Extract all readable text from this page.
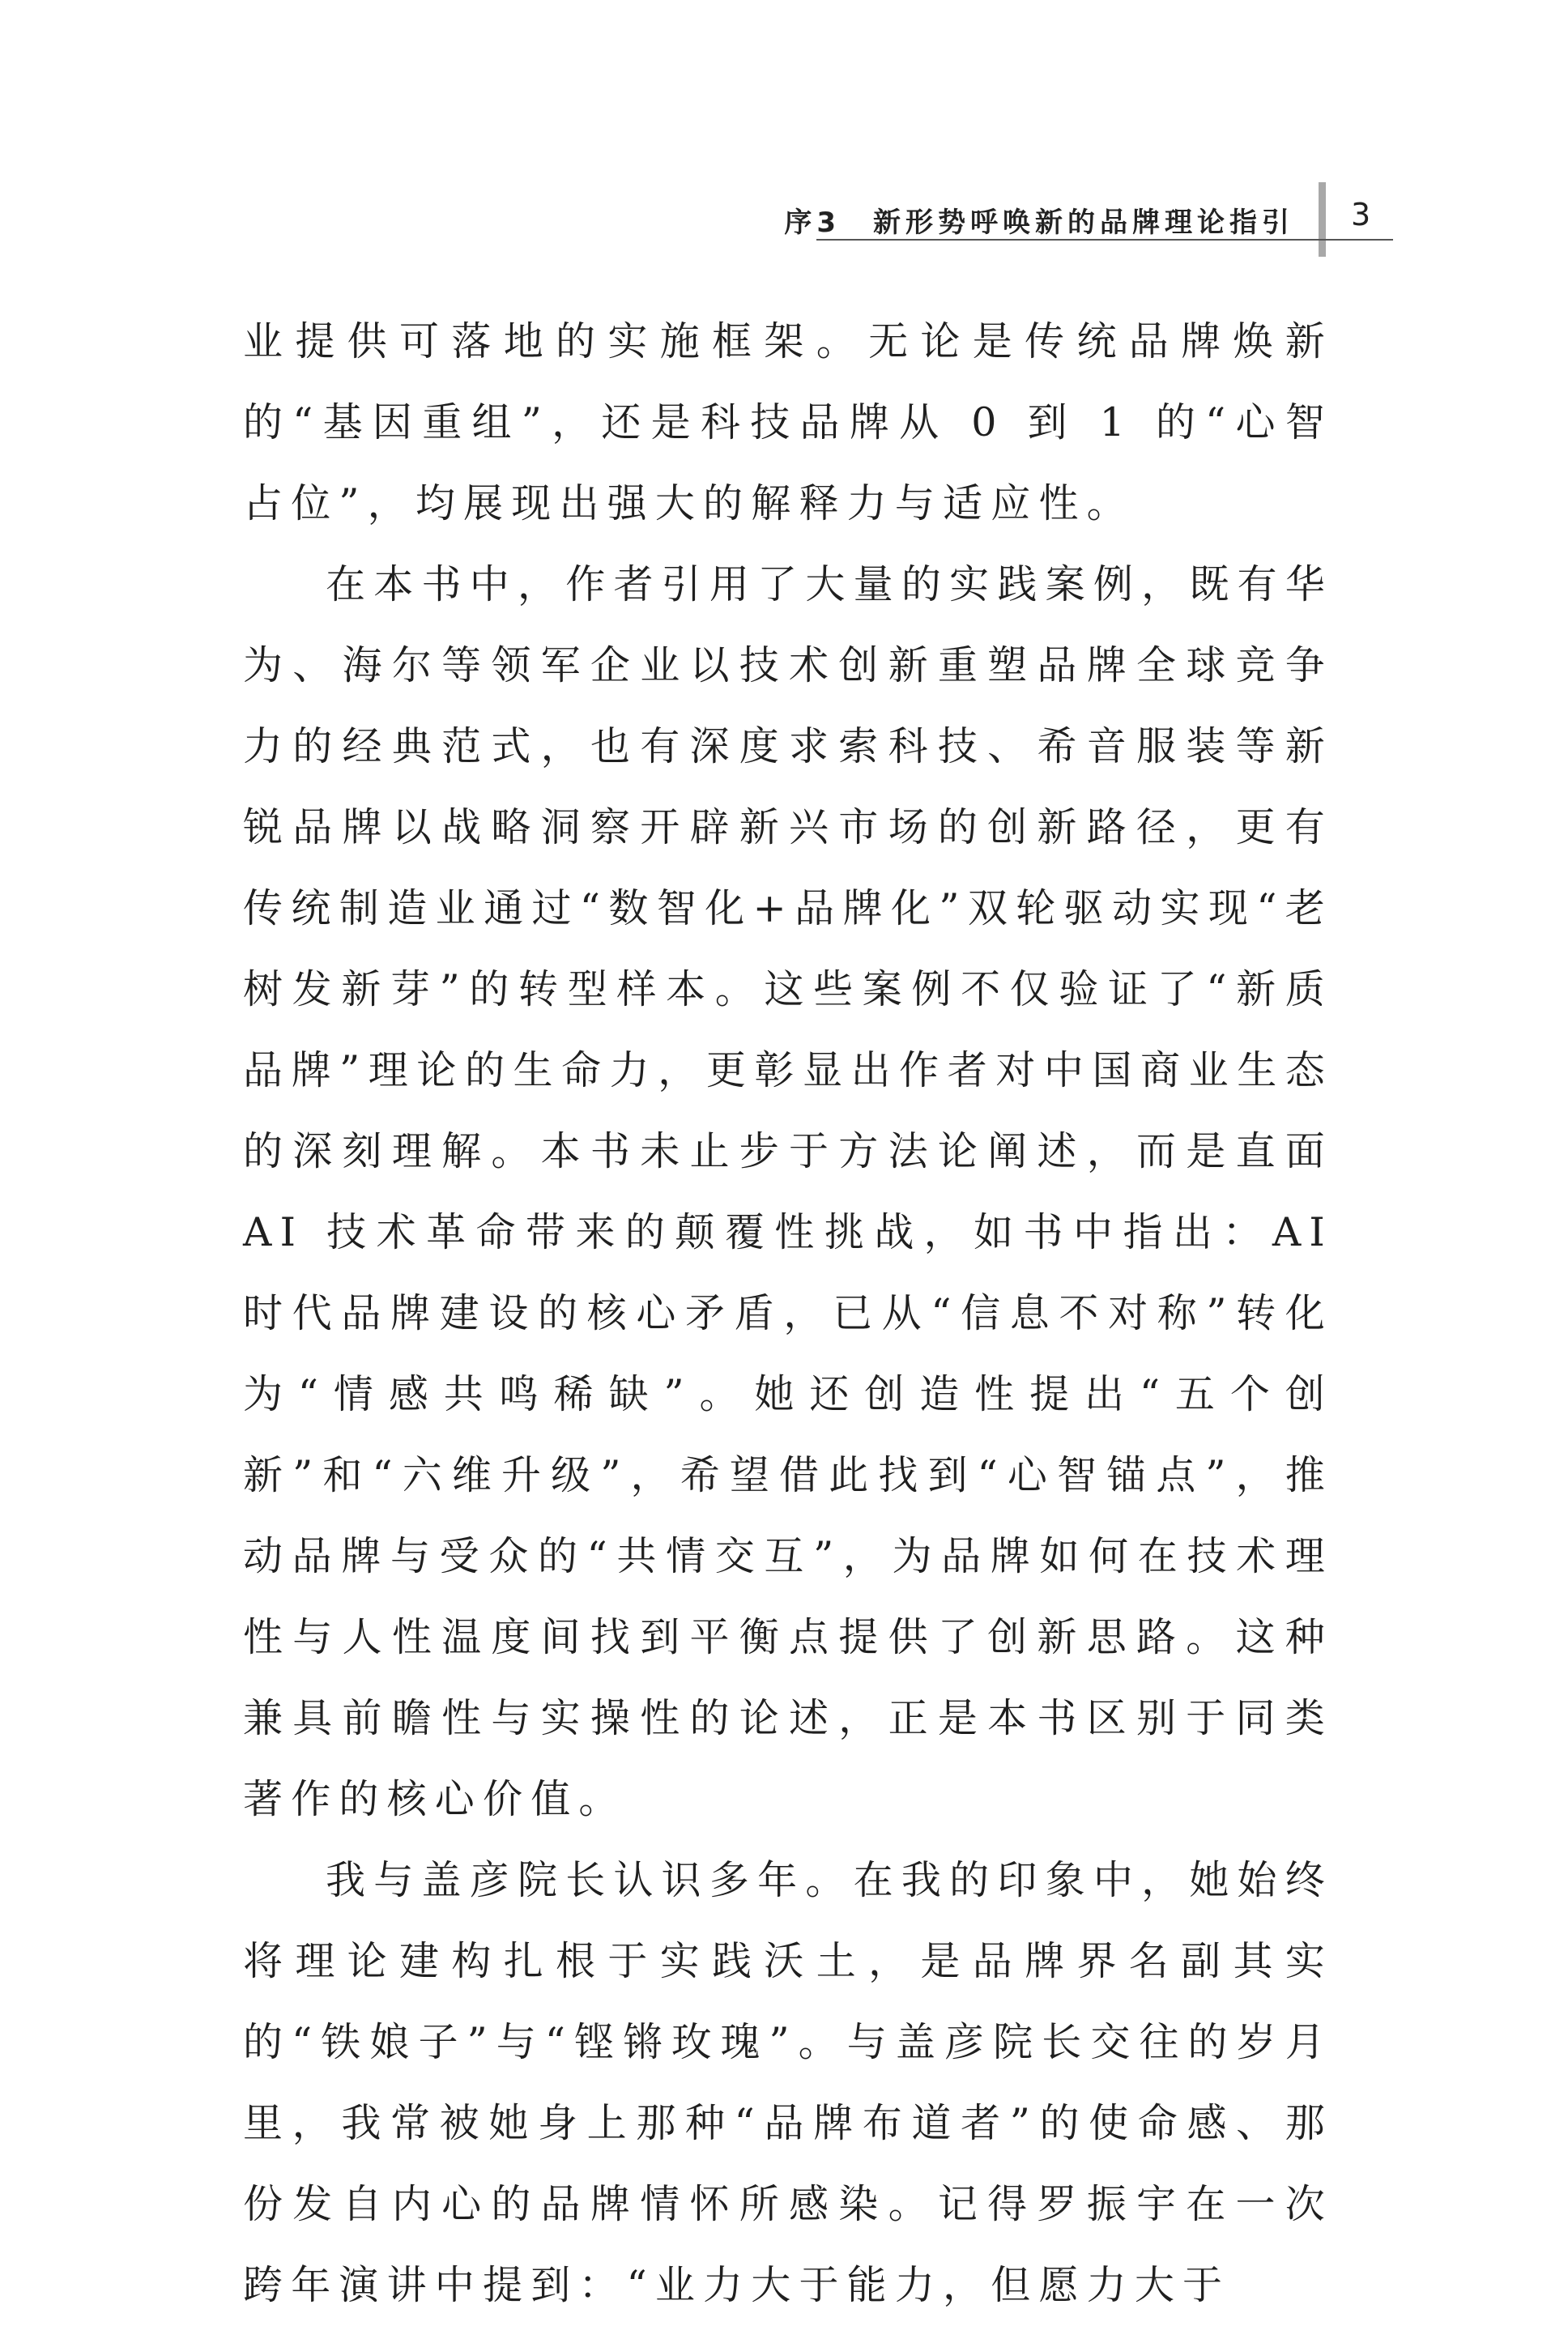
序3　新形势呼唤新的品牌理论指引 3

业提供可落地的实施框架。无论是传统品牌焕新的“基因重组”，还是科技品牌从 0 到 1 的“心智占位”，均展现出强大的解释力与适应性。

在本书中，作者引用了大量的实践案例，既有华为、海尔等领军企业以技术创新重塑品牌全球竞争力的经典范式，也有深度求索科技、希音服装等新锐品牌以战略洞察开辟新兴市场的创新路径，更有传统制造业通过“数智化+品牌化”双轮驱动实现“老树发新芽”的转型样本。这些案例不仅验证了“新质品牌”理论的生命力，更彰显出作者对中国商业生态的深刻理解。本书未止步于方法论阐述，而是直面 AI 技术革命带来的颠覆性挑战，如书中指出：AI 时代品牌建设的核心矛盾，已从“信息不对称”转化为“情感共鸣稀缺”。她还创造性提出“五个创新”和“六维升级”，希望借此找到“心智锚点”，推动品牌与受众的“共情交互”，为品牌如何在技术理性与人性温度间找到平衡点提供了创新思路。这种兼具前瞻性与实操性的论述，正是本书区别于同类著作的核心价值。

我与盖彦院长认识多年。在我的印象中，她始终将理论建构扎根于实践沃土，是品牌界名副其实的“铁娘子”与“铿锵玫瑰”。与盖彦院长交往的岁月里，我常被她身上那种“品牌布道者”的使命感、那份发自内心的品牌情怀所感染。记得罗振宇在一次跨年演讲中提到：“业力大于能力，但愿力大于
